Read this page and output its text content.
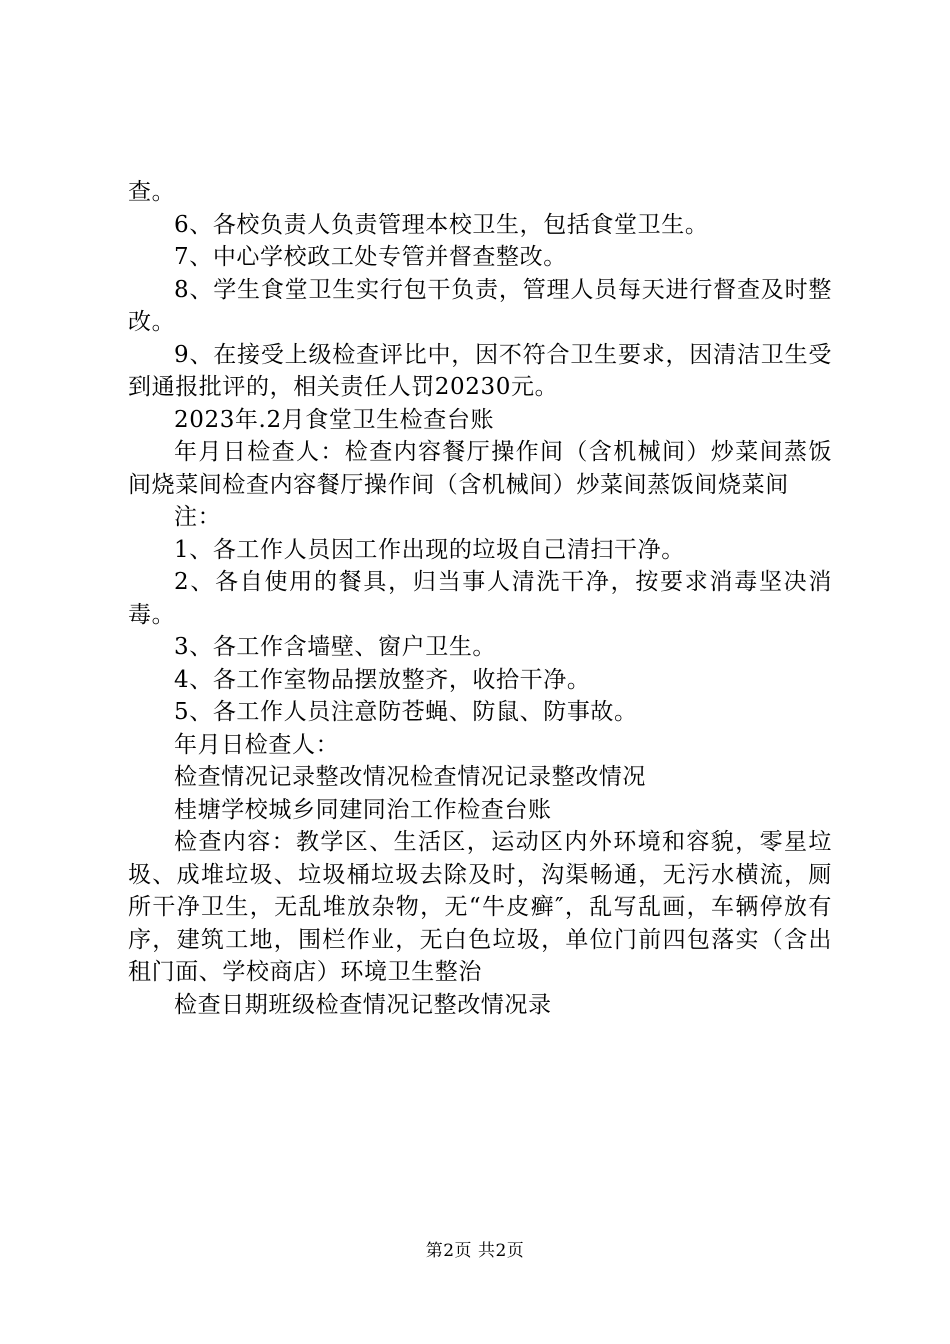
查。

6、各校负责人负责管理本校卫生，包括食堂卫生。

7、中心学校政工处专管并督查整改。

8、学生食堂卫生实行包干负责，管理人员每天进行督查及时整改。

9、在接受上级检查评比中，因不符合卫生要求，因清洁卫生受到通报批评的，相关责任人罚20230元。

2023年.2月食堂卫生检查台账

年月日检查人：检查内容餐厅操作间（含机械间）炒菜间蒸饭间烧菜间检查内容餐厅操作间（含机械间）炒菜间蒸饭间烧菜间

注：

1、各工作人员因工作出现的垃圾自己清扫干净。

2、各自使用的餐具，归当事人清洗干净，按要求消毒坚决消毒。

3、各工作含墙壁、窗户卫生。

4、各工作室物品摆放整齐，收拾干净。

5、各工作人员注意防苍蝇、防鼠、防事故。

年月日检查人：

检查情况记录整改情况检查情况记录整改情况

桂塘学校城乡同建同治工作检查台账

检查内容：教学区、生活区，运动区内外环境和容貌，零星垃圾、成堆垃圾、垃圾桶垃圾去除及时，沟渠畅通，无污水横流，厕所干净卫生，无乱堆放杂物，无“牛皮癣″，乱写乱画，车辆停放有序，建筑工地，围栏作业，无白色垃圾，单位门前四包落实（含出租门面、学校商店）环境卫生整治

检查日期班级检查情况记整改情况录

第2页 共2页
